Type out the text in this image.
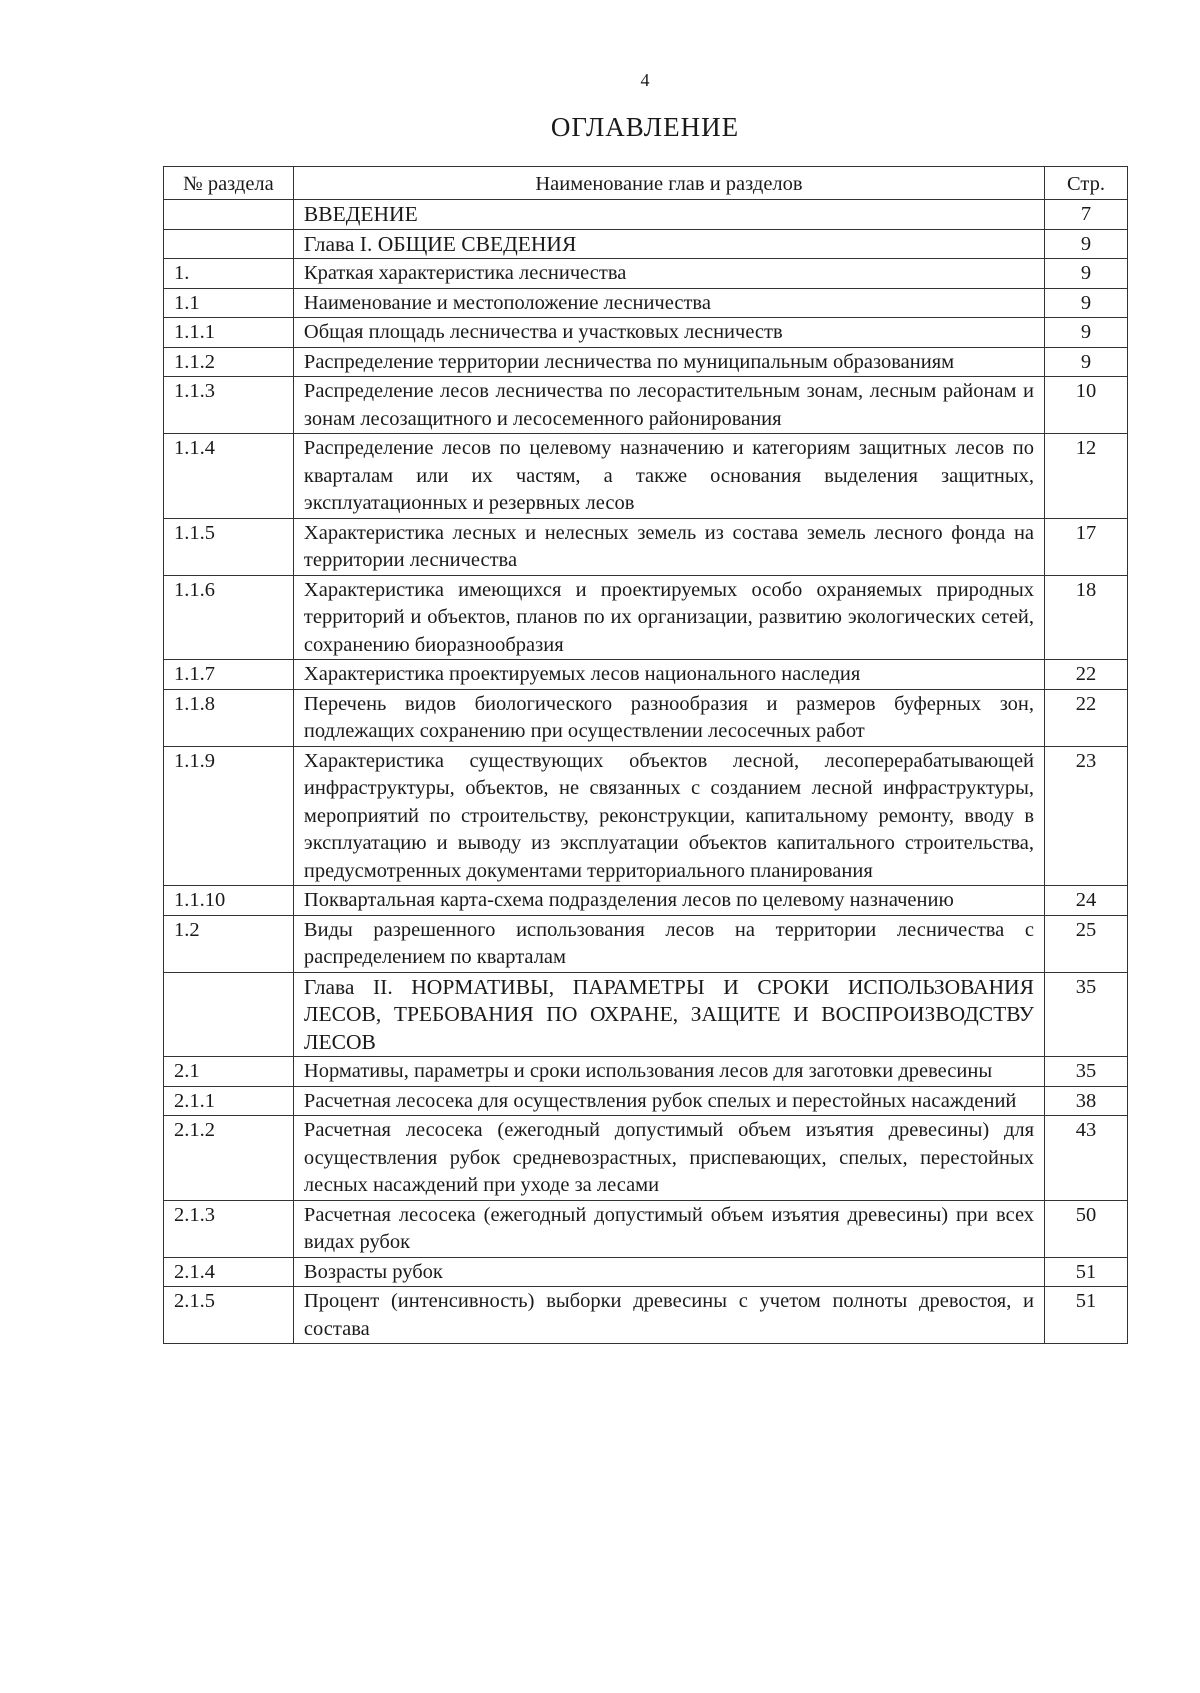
4
ОГЛАВЛЕНИЕ
№ раздела	Наименование глав и разделов	Стр.
	ВВЕДЕНИЕ	7
	Глава I. ОБЩИЕ СВЕДЕНИЯ	9
1.	Краткая характеристика лесничества	9
1.1	Наименование и местоположение лесничества	9
1.1.1	Общая площадь лесничества и участковых лесничеств	9
1.1.2	Распределение территории лесничества по муниципальным образованиям	9
1.1.3	Распределение лесов лесничества по лесорастительным зонам, лесным районам и зонам лесозащитного и лесосеменного районирования	10
1.1.4	Распределение лесов по целевому назначению и категориям защитных лесов по кварталам или их частям, а также основания выделения защитных, эксплуатационных и резервных лесов	12
1.1.5	Характеристика лесных и нелесных земель из состава земель лесного фонда на территории лесничества	17
1.1.6	Характеристика имеющихся и проектируемых особо охраняемых природных территорий и объектов, планов по их организации, развитию экологических сетей, сохранению биоразнообразия	18
1.1.7	Характеристика проектируемых лесов национального наследия	22
1.1.8	Перечень видов биологического разнообразия и размеров буферных зон, подлежащих сохранению при осуществлении лесосечных работ	22
1.1.9	Характеристика существующих объектов лесной, лесоперерабатывающей инфраструктуры, объектов, не связанных с созданием лесной инфраструктуры, мероприятий по строительству, реконструкции, капитальному ремонту, вводу в эксплуатацию и выводу из эксплуатации объектов капитального строительства, предусмотренных документами территориального планирования	23
1.1.10	Поквартальная карта-схема подразделения лесов по целевому назначению	24
1.2	Виды разрешенного использования лесов на территории лесничества с распределением по кварталам	25
	Глава II. НОРМАТИВЫ, ПАРАМЕТРЫ И СРОКИ ИСПОЛЬЗОВАНИЯ ЛЕСОВ, ТРЕБОВАНИЯ ПО ОХРАНЕ, ЗАЩИТЕ И ВОСПРОИЗВОДСТВУ ЛЕСОВ	35
2.1	Нормативы, параметры и сроки использования лесов для заготовки древесины	35
2.1.1	Расчетная лесосека для осуществления рубок спелых и перестойных насаждений	38
2.1.2	Расчетная лесосека (ежегодный допустимый объем изъятия древесины) для осуществления рубок средневозрастных, приспевающих, спелых, перестойных лесных насаждений при уходе за лесами	43
2.1.3	Расчетная лесосека (ежегодный допустимый объем изъятия древесины) при всех видах рубок	50
2.1.4	Возрасты рубок	51
2.1.5	Процент (интенсивность) выборки древесины с учетом полноты древостоя, и состава	51
